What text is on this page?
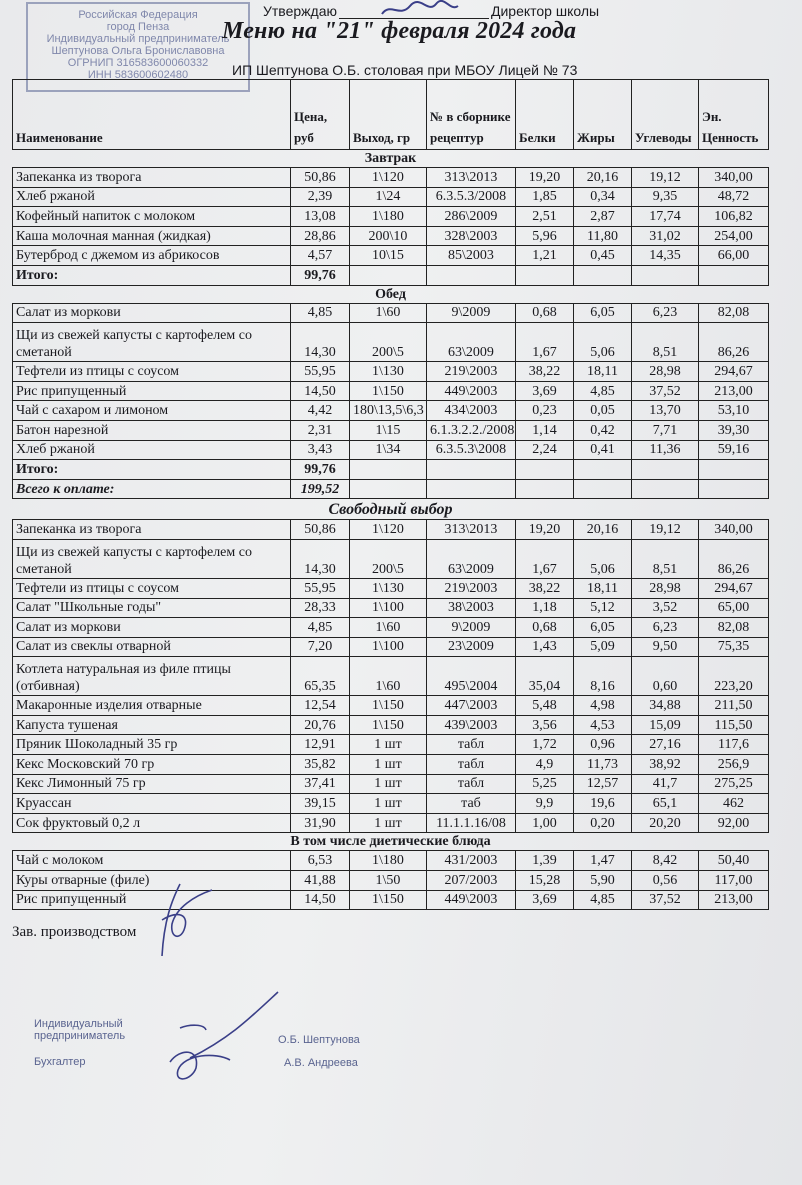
Российская Федерация
город Пенза
Индивидуальный предприниматель
Шептунова Ольга Брониславовна
ОГРНИП 316583600060332
ИНН 583600602480
Утверждаю	Директор школы
Меню на "21" февраля 2024 года
ИП Шептунова О.Б. столовая при МБОУ Лицей № 73
Наименование	Цена, руб	Выход, гр	№ в сборнике рецептур	Белки	Жиры	Углеводы	Эн. Ценность
Завтрак							
Запеканка из творога	50,86	1\120	313\2013	19,20	20,16	19,12	340,00
Хлеб ржаной	2,39	1\24	6.3.5.3/2008	1,85	0,34	9,35	48,72
Кофейный напиток с молоком	13,08	1\180	286\2009	2,51	2,87	17,74	106,82
Каша молочная манная (жидкая)	28,86	200\10	328\2003	5,96	11,80	31,02	254,00
Бутерброд с джемом из абрикосов	4,57	10\15	85\2003	1,21	0,45	14,35	66,00
Итого:	99,76						
Обед							
Салат из моркови	4,85	1\60	9\2009	0,68	6,05	6,23	82,08
Щи из свежей капусты с картофелем со сметаной	14,30	200\5	63\2009	1,67	5,06	8,51	86,26
Тефтели из птицы с соусом	55,95	1\130	219\2003	38,22	18,11	28,98	294,67
Рис припущенный	14,50	1\150	449\2003	3,69	4,85	37,52	213,00
Чай с сахаром и лимоном	4,42	180\13,5\6,3	434\2003	0,23	0,05	13,70	53,10
Батон нарезной	2,31	1\15	6.1.3.2.2./2008	1,14	0,42	7,71	39,30
Хлеб ржаной	3,43	1\34	6.3.5.3\2008	2,24	0,41	11,36	59,16
Итого:	99,76						
Всего к оплате:	199,52						
Свободный выбор							
Запеканка из творога	50,86	1\120	313\2013	19,20	20,16	19,12	340,00
Щи из свежей капусты с картофелем со сметаной	14,30	200\5	63\2009	1,67	5,06	8,51	86,26
Тефтели из птицы с соусом	55,95	1\130	219\2003	38,22	18,11	28,98	294,67
Салат "Школьные годы"	28,33	1\100	38\2003	1,18	5,12	3,52	65,00
Салат из моркови	4,85	1\60	9\2009	0,68	6,05	6,23	82,08
Салат из свеклы отварной	7,20	1\100	23\2009	1,43	5,09	9,50	75,35
Котлета натуральная из филе птицы (отбивная)	65,35	1\60	495\2004	35,04	8,16	0,60	223,20
Макаронные изделия отварные	12,54	1\150	447\2003	5,48	4,98	34,88	211,50
Капуста тушеная	20,76	1\150	439\2003	3,56	4,53	15,09	115,50
Пряник Шоколадный 35 гр	12,91	1 шт	табл	1,72	0,96	27,16	117,6
Кекс Московский 70 гр	35,82	1 шт	табл	4,9	11,73	38,92	256,9
Кекс Лимонный 75 гр	37,41	1 шт	табл	5,25	12,57	41,7	275,25
Круассан	39,15	1 шт	таб	9,9	19,6	65,1	462
Сок фруктовый 0,2 л	31,90	1 шт	11.1.1.16/08	1,00	0,20	20,20	92,00
В том числе диетические блюда							
Чай с молоком	6,53	1\180	431/2003	1,39	1,47	8,42	50,40
Куры отварные (филе)	41,88	1\50	207/2003	15,28	5,90	0,56	117,00
Рис припущенный	14,50	1\150	449\2003	3,69	4,85	37,52	213,00
Зав. производством
Индивидуальный предприниматель	О.Б. Шептунова
Бухгалтер	А.В. Андреева
